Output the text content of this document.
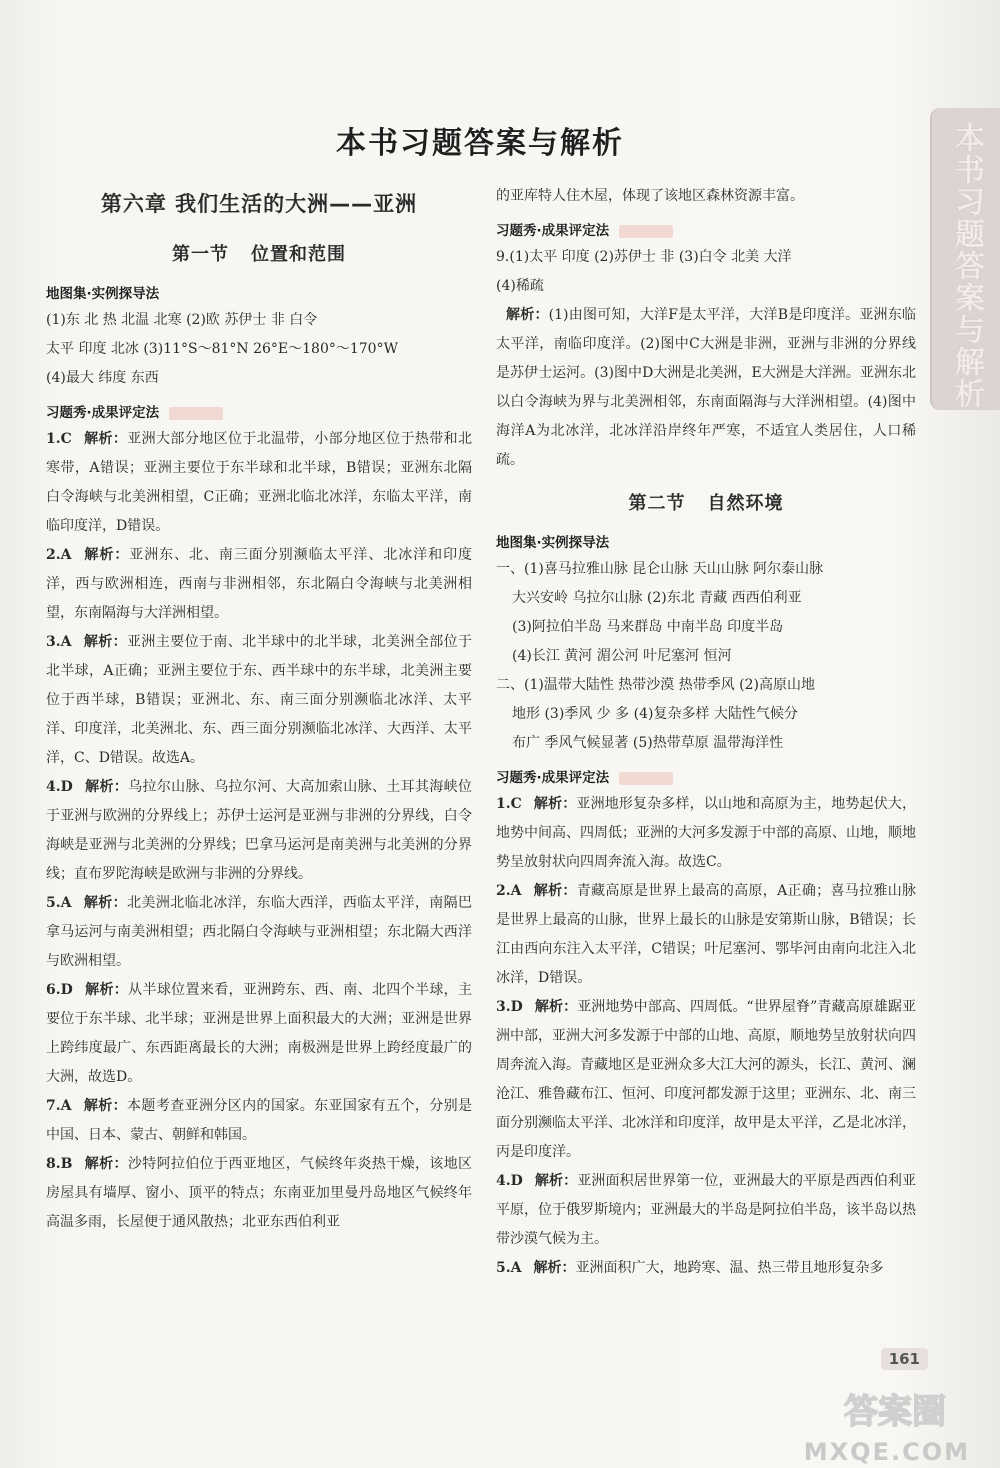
本书习题答案与解析	本书习题答案与解析
第六章 我们生活的大洲——亚洲
第一节 位置和范围
地图集·实例探导法
(1)东 北 热 北温 北寒 (2)欧 苏伊士 非 白令
太平 印度 北冰 (3)11°S～81°N 26°E～180°～170°W
(4)最大 纬度 东西
习题秀·成果评定法

1.C 解析：亚洲大部分地区位于北温带，小部分地区位于热带和北寒带，A错误；亚洲主要位于东半球和北半球，B错误；亚洲东北隔白令海峡与北美洲相望，C正确；亚洲北临北冰洋，东临太平洋，南临印度洋，D错误。

2.A 解析：亚洲东、北、南三面分别濒临太平洋、北冰洋和印度洋，西与欧洲相连，西南与非洲相邻，东北隔白令海峡与北美洲相望，东南隔海与大洋洲相望。

3.A 解析：亚洲主要位于南、北半球中的北半球，北美洲全部位于北半球，A正确；亚洲主要位于东、西半球中的东半球，北美洲主要位于西半球，B错误；亚洲北、东、南三面分别濒临北冰洋、太平洋、印度洋，北美洲北、东、西三面分别濒临北冰洋、大西洋、太平洋，C、D错误。故选A。

4.D 解析：乌拉尔山脉、乌拉尔河、大高加索山脉、土耳其海峡位于亚洲与欧洲的分界线上；苏伊士运河是亚洲与非洲的分界线，白令海峡是亚洲与北美洲的分界线；巴拿马运河是南美洲与北美洲的分界线；直布罗陀海峡是欧洲与非洲的分界线。

5.A 解析：北美洲北临北冰洋，东临大西洋，西临太平洋，南隔巴拿马运河与南美洲相望；西北隔白令海峡与亚洲相望；东北隔大西洋与欧洲相望。

6.D 解析：从半球位置来看，亚洲跨东、西、南、北四个半球，主要位于东半球、北半球；亚洲是世界上面积最大的大洲；亚洲是世界上跨纬度最广、东西距离最长的大洲；南极洲是世界上跨经度最广的大洲，故选D。

7.A 解析：本题考查亚洲分区内的国家。东亚国家有五个，分别是中国、日本、蒙古、朝鲜和韩国。

8.B 解析：沙特阿拉伯位于西亚地区，气候终年炎热干燥，该地区房屋具有墙厚、窗小、顶平的特点；东南亚加里曼丹岛地区气候终年高温多雨，长屋便于通风散热；北亚东西伯利亚

的亚库特人住木屋，体现了该地区森林资源丰富。
习题秀·成果评定法
9.(1)太平 印度 (2)苏伊士 非 (3)白令 北美 大洋
(4)稀疏

解析：(1)由图可知，大洋F是太平洋，大洋B是印度洋。亚洲东临太平洋，南临印度洋。(2)图中C大洲是非洲，亚洲与非洲的分界线是苏伊士运河。(3)图中D大洲是北美洲，E大洲是大洋洲。亚洲东北以白令海峡为界与北美洲相邻，东南面隔海与大洋洲相望。(4)图中海洋A为北冰洋，北冰洋沿岸终年严寒，不适宜人类居住，人口稀疏。

第二节 自然环境
地图集·实例探导法
一、(1)喜马拉雅山脉 昆仑山脉 天山山脉 阿尔泰山脉
大兴安岭 乌拉尔山脉 (2)东北 青藏 西西伯利亚
(3)阿拉伯半岛 马来群岛 中南半岛 印度半岛
(4)长江 黄河 湄公河 叶尼塞河 恒河
二、(1)温带大陆性 热带沙漠 热带季风 (2)高原山地
地形 (3)季风 少 多 (4)复杂多样 大陆性气候分
布广 季风气候显著 (5)热带草原 温带海洋性
习题秀·成果评定法

1.C 解析：亚洲地形复杂多样，以山地和高原为主，地势起伏大，地势中间高、四周低；亚洲的大河多发源于中部的高原、山地，顺地势呈放射状向四周奔流入海。故选C。

2.A 解析：青藏高原是世界上最高的高原，A正确；喜马拉雅山脉是世界上最高的山脉，世界上最长的山脉是安第斯山脉，B错误；长江由西向东注入太平洋，C错误；叶尼塞河、鄂毕河由南向北注入北冰洋，D错误。

3.D 解析：亚洲地势中部高、四周低。“世界屋脊”青藏高原雄踞亚洲中部，亚洲大河多发源于中部的山地、高原，顺地势呈放射状向四周奔流入海。青藏地区是亚洲众多大江大河的源头，长江、黄河、澜沧江、雅鲁藏布江、恒河、印度河都发源于这里；亚洲东、北、南三面分别濒临太平洋、北冰洋和印度洋，故甲是太平洋，乙是北冰洋，丙是印度洋。

4.D 解析：亚洲面积居世界第一位，亚洲最大的平原是西西伯利亚平原，位于俄罗斯境内；亚洲最大的半岛是阿拉伯半岛，该半岛以热带沙漠气候为主。

5.A 解析：亚洲面积广大，地跨寒、温、热三带且地形复杂多

161
答案圈
MXQE.COM
